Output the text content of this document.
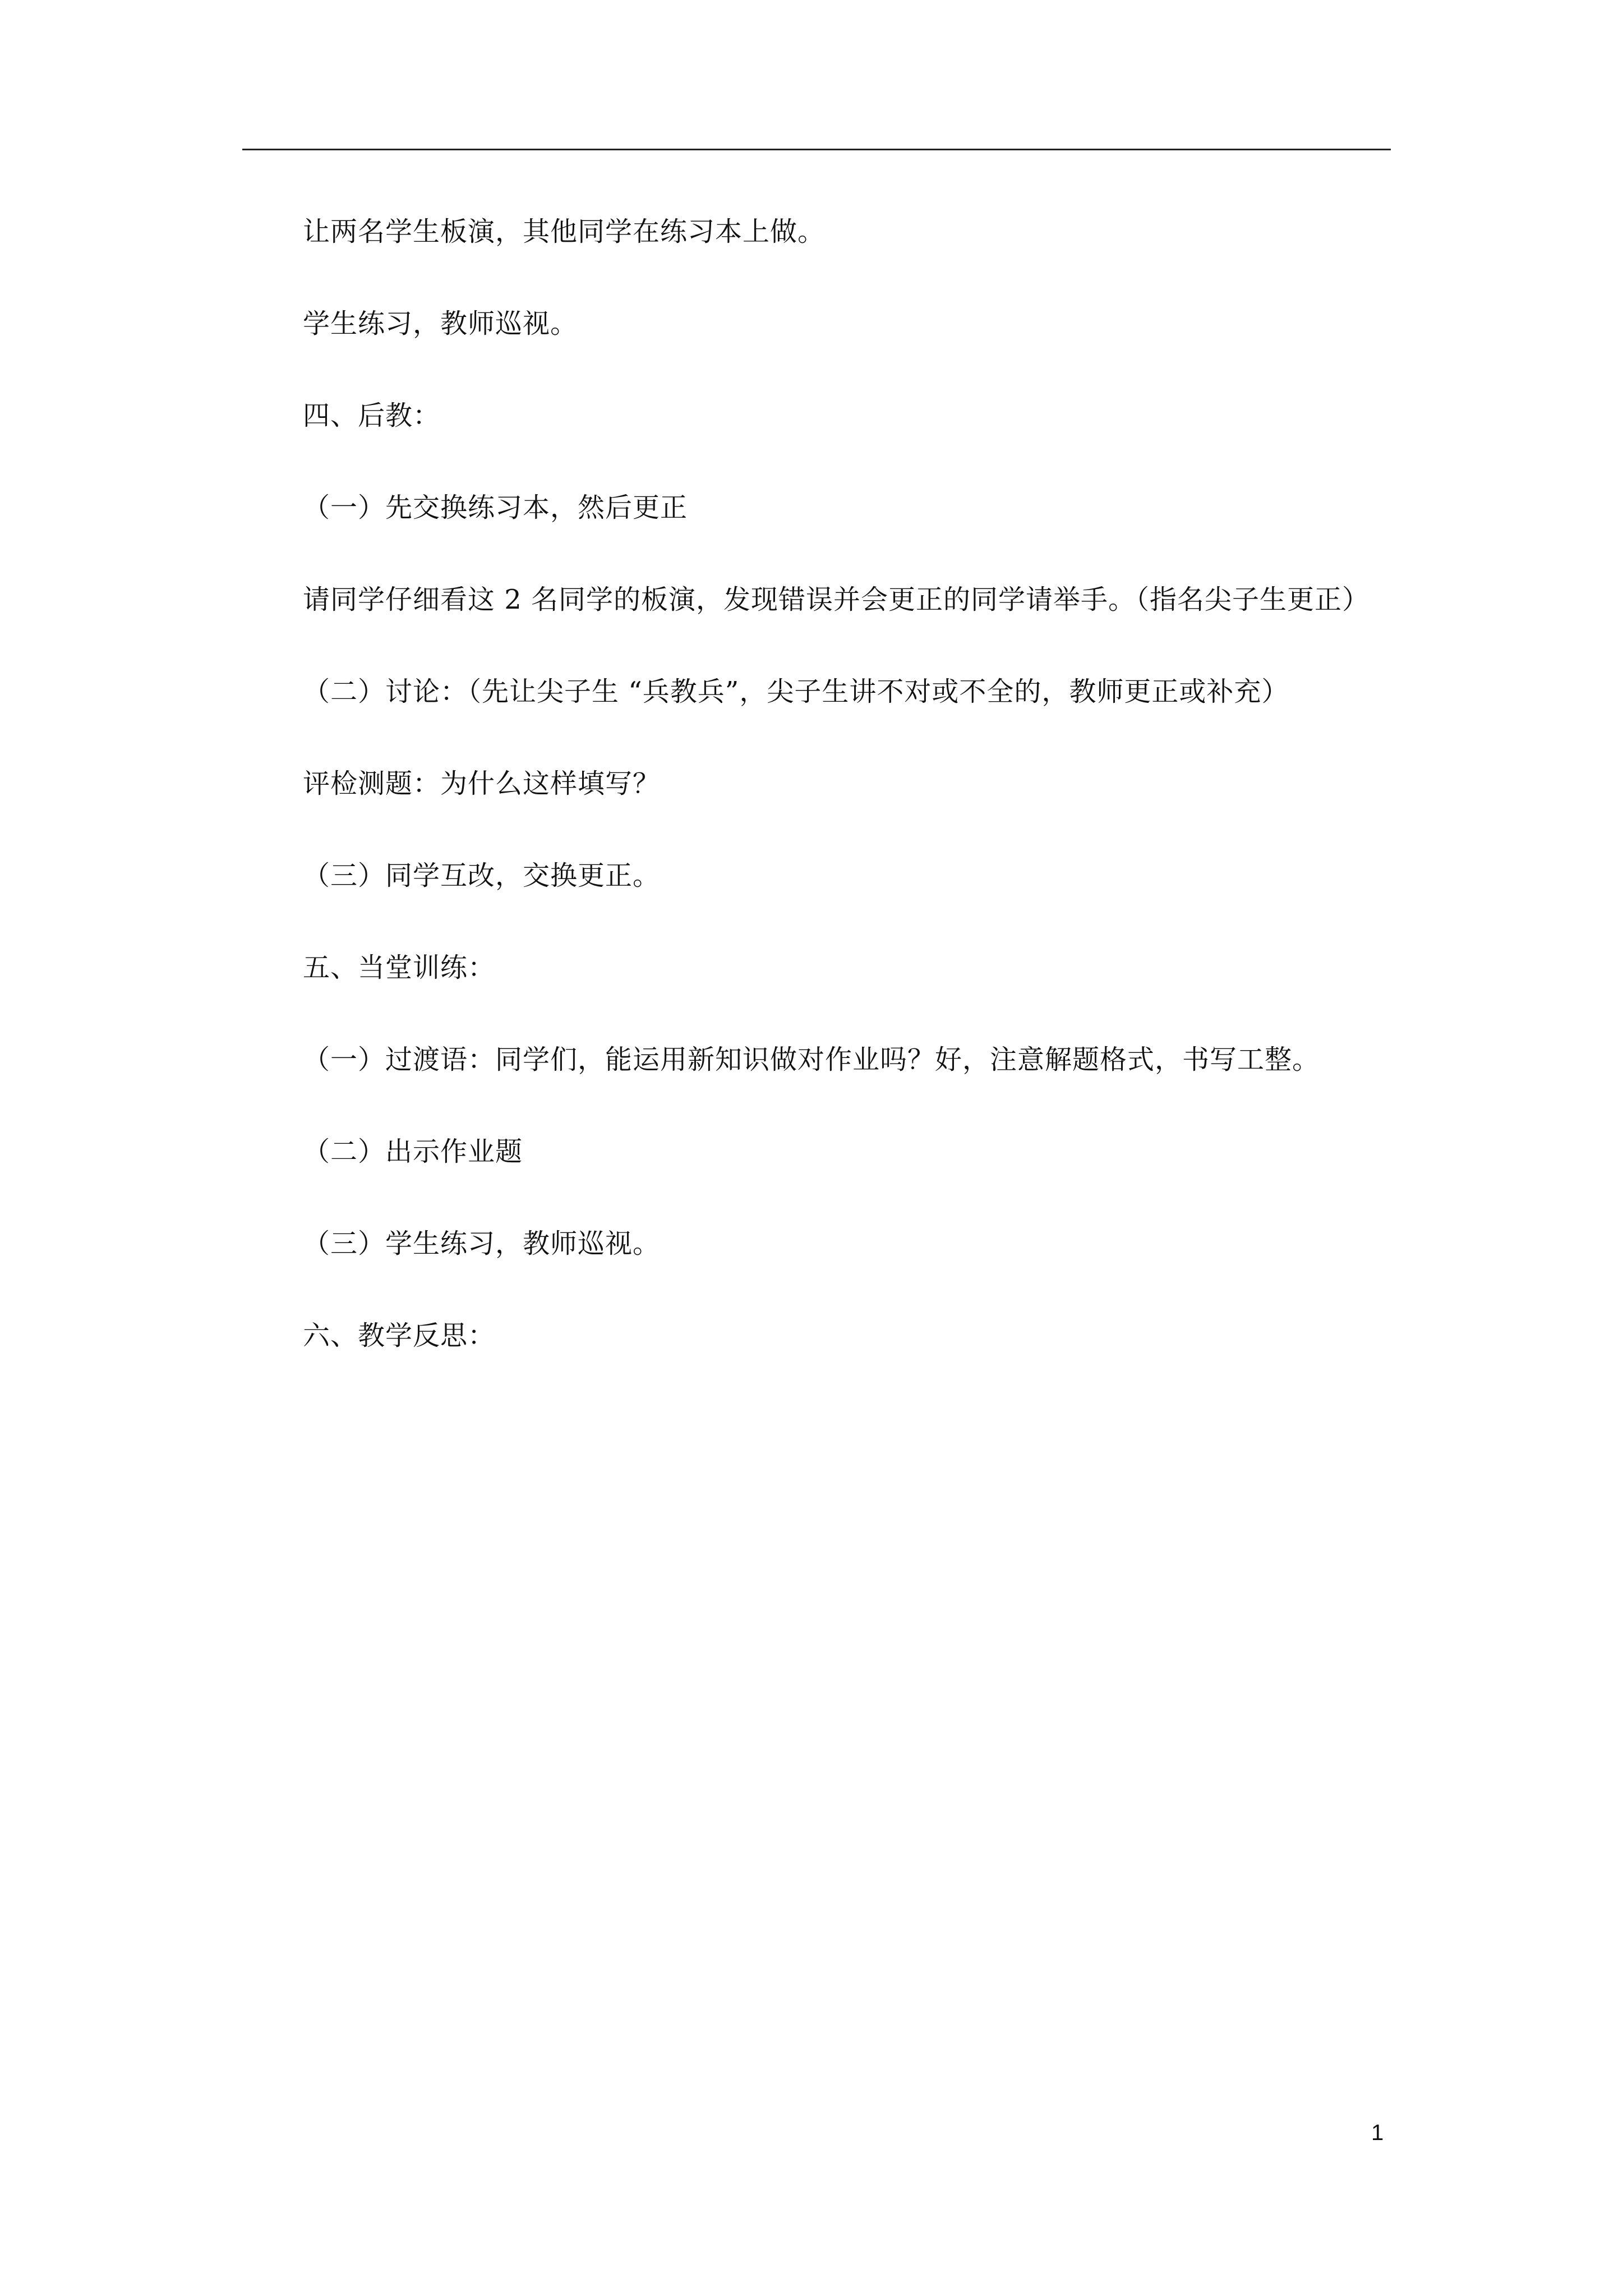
让两名学生板演，其他同学在练习本上做。
学生练习，教师巡视。
四、后教：
（一）先交换练习本，然后更正
请同学仔细看这 2 名同学的板演，发现错误并会更正的同学请举手。（指名尖子生更正）
（二）讨论：（先让尖子生 “兵教兵”，尖子生讲不对或不全的，教师更正或补充）
评检测题：为什么这样填写？
（三）同学互改，交换更正。
五、当堂训练：
（一）过渡语：同学们，能运用新知识做对作业吗？好，注意解题格式，书写工整。
（二）出示作业题
（三）学生练习，教师巡视。
六、教学反思：
1
